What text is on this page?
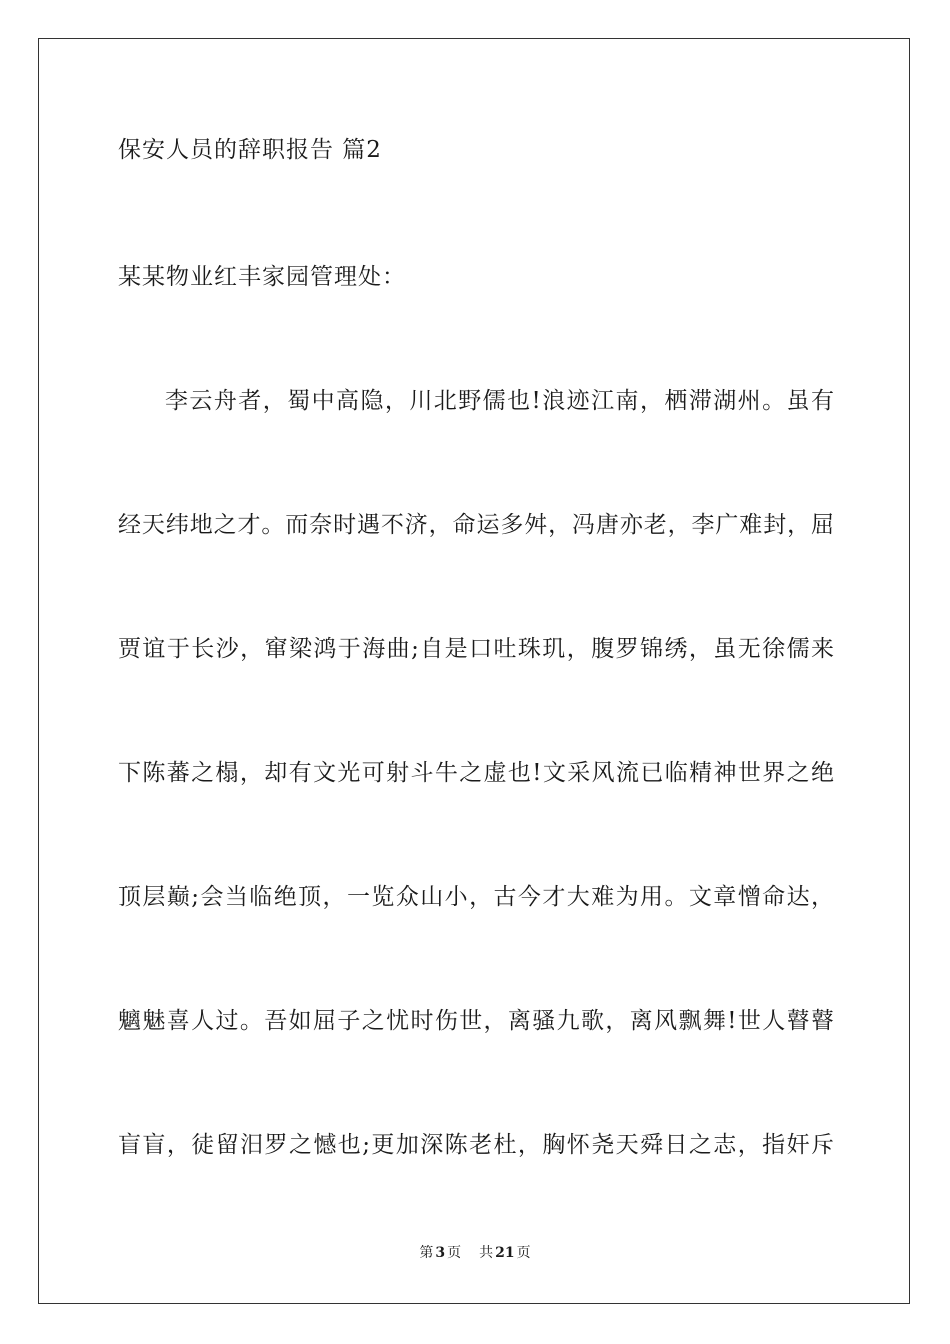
保安人员的辞职报告 篇2
某某物业红丰家园管理处：
李云舟者，蜀中高隐，川北野儒也!浪迹江南，栖滞湖州。虽有
经天纬地之才。而奈时遇不济，命运多舛，冯唐亦老，李广难封，屈
贾谊于长沙，窜梁鸿于海曲;自是口吐珠玑，腹罗锦绣，虽无徐儒来
下陈蕃之榻，却有文光可射斗牛之虚也!文采风流已临精神世界之绝
顶层巅;会当临绝顶，一览众山小，古今才大难为用。文章憎命达，
魑魅喜人过。吾如屈子之忧时伤世，离骚九歌，离风飘舞!世人瞽瞽
盲盲，徒留汨罗之憾也;更加深陈老杜，胸怀尧天舜日之志，指奸斥
第 3 页 共 21 页
